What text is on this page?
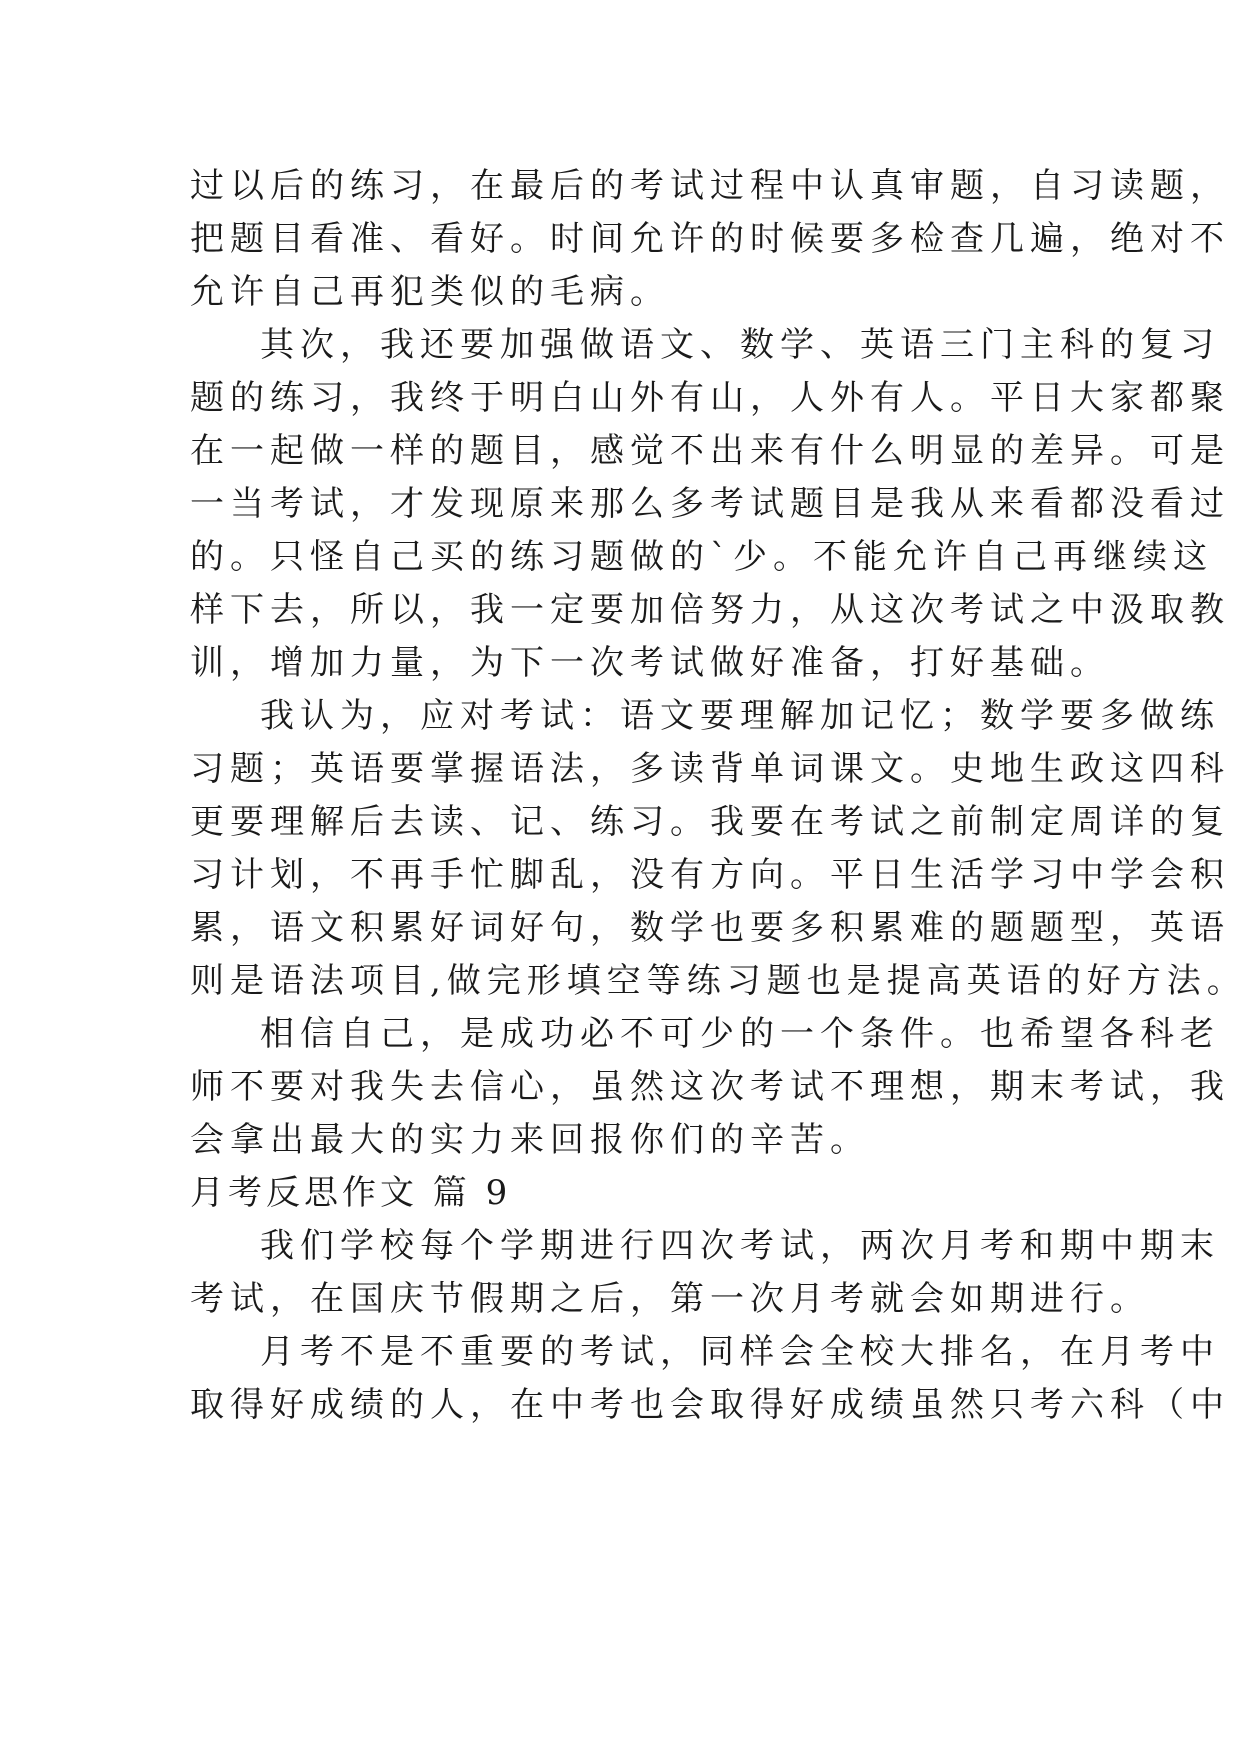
过以后的练习，在最后的考试过程中认真审题，自习读题，
把题目看准、看好。时间允许的时候要多检查几遍，绝对不
允许自己再犯类似的毛病。
其次，我还要加强做语文、数学、英语三门主科的复习
题的练习，我终于明白山外有山，人外有人。平日大家都聚
在一起做一样的题目，感觉不出来有什么明显的差异。可是
一当考试，才发现原来那么多考试题目是我从来看都没看过
的。只怪自己买的练习题做的`少。不能允许自己再继续这
样下去，所以，我一定要加倍努力，从这次考试之中汲取教
训，增加力量，为下一次考试做好准备，打好基础。
我认为，应对考试：语文要理解加记忆；数学要多做练
习题；英语要掌握语法，多读背单词课文。史地生政这四科
更要理解后去读、记、练习。我要在考试之前制定周详的复
习计划，不再手忙脚乱，没有方向。平日生活学习中学会积
累，语文积累好词好句，数学也要多积累难的题题型，英语
则是语法项目,做完形填空等练习题也是提高英语的好方法。
相信自己，是成功必不可少的一个条件。也希望各科老
师不要对我失去信心，虽然这次考试不理想，期末考试，我
会拿出最大的实力来回报你们的辛苦。
月考反思作文 篇 9
我们学校每个学期进行四次考试，两次月考和期中期末
考试，在国庆节假期之后，第一次月考就会如期进行。
月考不是不重要的考试，同样会全校大排名，在月考中
取得好成绩的人，在中考也会取得好成绩虽然只考六科（中
